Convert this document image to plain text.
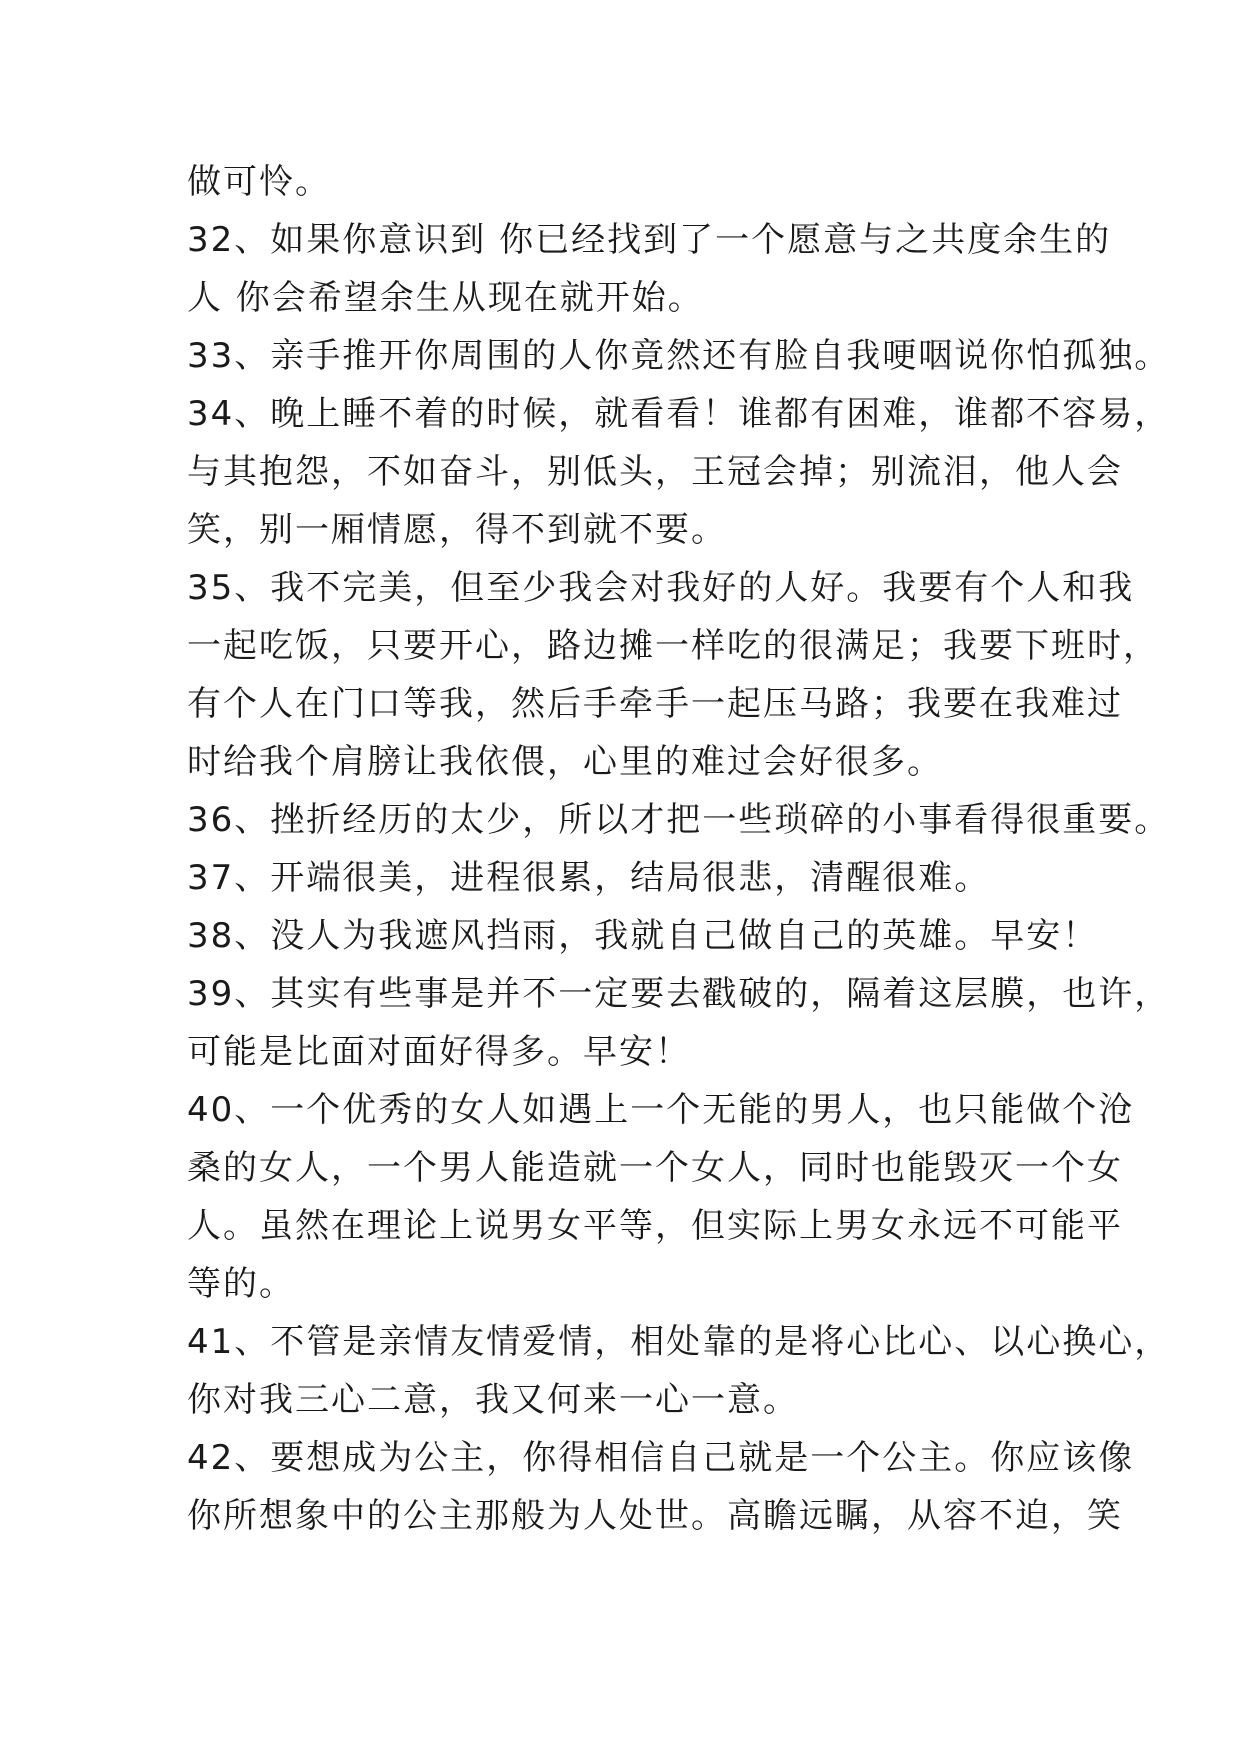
做可怜。
32、如果你意识到 你已经找到了一个愿意与之共度余生的
人 你会希望余生从现在就开始。
33、亲手推开你周围的人你竟然还有脸自我哽咽说你怕孤独。
34、晚上睡不着的时候，就看看！谁都有困难，谁都不容易，
与其抱怨，不如奋斗，别低头，王冠会掉；别流泪，他人会
笑，别一厢情愿，得不到就不要。
35、我不完美，但至少我会对我好的人好。我要有个人和我
一起吃饭，只要开心，路边摊一样吃的很满足；我要下班时，
有个人在门口等我，然后手牵手一起压马路；我要在我难过
时给我个肩膀让我依偎，心里的难过会好很多。
36、挫折经历的太少，所以才把一些琐碎的小事看得很重要。
37、开端很美，进程很累，结局很悲，清醒很难。
38、没人为我遮风挡雨，我就自己做自己的英雄。早安！
39、其实有些事是并不一定要去戳破的，隔着这层膜，也许，
可能是比面对面好得多。早安！
40、一个优秀的女人如遇上一个无能的男人，也只能做个沧
桑的女人，一个男人能造就一个女人，同时也能毁灭一个女
人。虽然在理论上说男女平等，但实际上男女永远不可能平
等的。
41、不管是亲情友情爱情，相处靠的是将心比心、以心换心，
你对我三心二意，我又何来一心一意。
42、要想成为公主，你得相信自己就是一个公主。你应该像
你所想象中的公主那般为人处世。高瞻远瞩，从容不迫，笑
